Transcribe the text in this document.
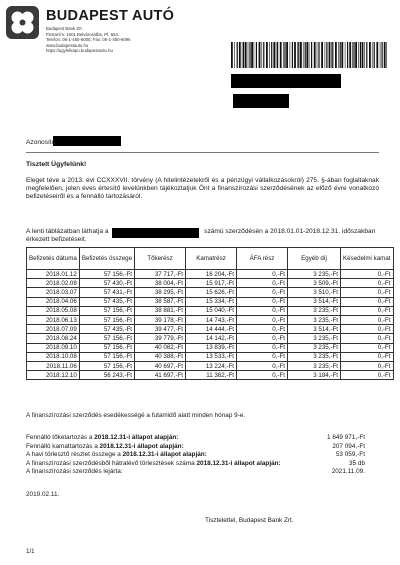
BUDAPEST AUTÓ
Budapest Bank Zrt.
Postacím: 1601 Belváros/dbs, Pf. 554.
Telefon: 06-1-450-6000, Fax: 06-1-450-6096
www.budapestauto.hu
https://ugyfelkapu.budapestauto.hu
Azonosító
Tisztelt Ügyfelünk!
Eleget téve a 2013. évi CCXXXVII. törvény (A hitelintézetekről és a pénzügyi vállalkozásokról) 275. §-ában foglaltaknak megfelelően, jelen éves értesítő levelünkben tájékoztatjuk Önt a finanszírozási szerződésének az előző évre vonatkozó befizetéseiről és a fennálló tartozásáról.
A lenti táblázatban láthatja a	számú szerződésén a 2018.01.01-2018.12.31. időszakban érkezett befizetéseit.
Befizetés dátuma	Befizetés összege	Tőkerész	Kamatrész	ÁFA rész	Egyéb díj	Késedelmi kamat
2018.01.12	57 156,-Ft	37 717,-Ft	16 204,-Ft	0,-Ft	3 235,-Ft	0,-Ft
2018.02.08	57 430,-Ft	38 004,-Ft	15 917,-Ft	0,-Ft	3 509,-Ft	0,-Ft
2018.03.07	57 431,-Ft	38 295,-Ft	15 626,-Ft	0,-Ft	3 510,-Ft	0,-Ft
2018.04.06	57 435,-Ft	38 587,-Ft	15 334,-Ft	0,-Ft	3 514,-Ft	0,-Ft
2018.05.08	57 156,-Ft	38 881,-Ft	15 040,-Ft	0,-Ft	3 235,-Ft	0,-Ft
2018.06.13	57 156,-Ft	39 178,-Ft	14 743,-Ft	0,-Ft	3 235,-Ft	0,-Ft
2018.07.09	57 435,-Ft	39 477,-Ft	14 444,-Ft	0,-Ft	3 514,-Ft	0,-Ft
2018.08.24	57 156,-Ft	39 779,-Ft	14 142,-Ft	0,-Ft	3 235,-Ft	0,-Ft
2018.09.10	57 156,-Ft	40 082,-Ft	13 839,-Ft	0,-Ft	3 235,-Ft	0,-Ft
2018.10.08	57 156,-Ft	40 388,-Ft	13 533,-Ft	0,-Ft	3 235,-Ft	0,-Ft
2018.11.06	57 156,-Ft	40 697,-Ft	13 224,-Ft	0,-Ft	3 235,-Ft	0,-Ft
2018.12.10	56 243,-Ft	41 697,-Ft	11 362,-Ft	0,-Ft	3 184,-Ft	0,-Ft
A finanszírozási szerződés esedékességé a futamidő alatt minden hónap 9-e.
Fennálló tőketartozás a 2018.12.31-i állapot alapján:	1 649 971,-Ft
Fennálló kamattartozás a 2018.12.31-i állapot alapján:	207 094,-Ft
A havi törlesztő részlet összege a 2018.12.31-i állapot alapján:	53 059,-Ft
A finanszírozási szerződésből hátralévő törlesztések száma 2018.12.31-i állapot alapján:	35 db
A finanszírozási szerződés lejárta:	2021.11.09.
2019.02.11.
Tisztelettel, Budapest Bank Zrt.
1/1
